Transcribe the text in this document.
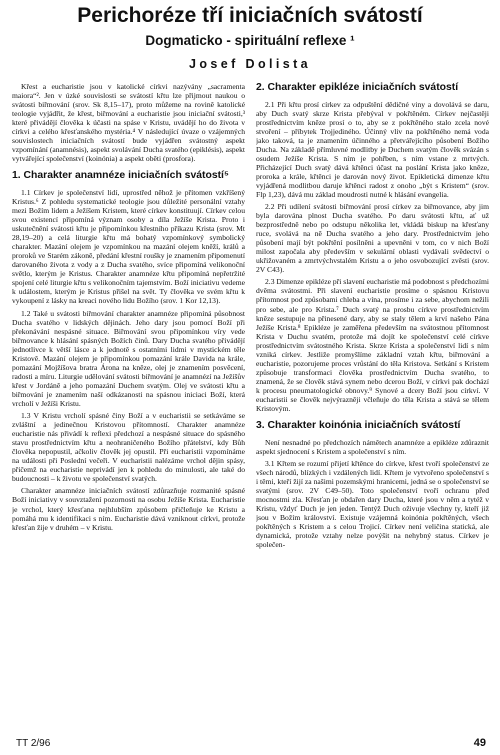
Perichoréze tří iniciačních svátostí
Dogmaticko - spirituální reflexe ¹
Josef Dolista
Křest a eucharistie jsou v katolické církvi nazývány „sacramenta maiora“². Jen v úzké souvislosti se svátostí křtu lze přijmout naukou o svátosti biřmování (srov. Sk 8,15–17), proto můžeme na rovině katolické teologie vyjádřit, že křest, biřmování a eucharistie jsou iniciační svátosti,³ které přivádějí člověka k účasti na spáse v Kristu, uvádějí ho do života v církvi a celého křesťanského mystéria.⁴ V následující úvaze o vzájemných souvislostech iniciačních svátostí bude vyjádřen svátostný aspekt vzpomínání (anamnésis), aspekt svolávání Ducha svatého (epiklésis), aspekt vytvářející společenství (koinónia) a aspekt oběti (prosfora).
1. Charakter anamnéze iniciačních svátostí⁵
1.1 Církev je společenství lidí, uprostřed něhož je přítomen vzkříšený Kristus.⁶ Z pohledu systematické teologie jsou důležité personální vztahy mezi Božím lidem a Ježíšem Kristem, které církev konstituují. Církev celou svou existencí připomíná význam osoby a díla Ježíše Krista. Proto i uskutečnění svátosti křtu je připomínkou křestního příkazu Krista (srov. Mt 28,19–20) a celá liturgie křtu má bohatý vzpomínkový symbolický charakter. Mazání olejem je vzpomínkou na mazání olejem kněží, králů a proroků ve Starém zákoně, předání křestní roušky je znamením připomenutí darovaného života z vody a z Ducha svatého, svíce připomíná velikonoční světlo, kterým je Kristus. Charakter anamnéze křtu připomíná nepřetržité spojení celé liturgie křtu s velikonočním tajemstvím. Boží iniciativu vedeme k událostem, kterým je Kristus přišel na svět. Ty člověka ve svém křtu k vykoupení z lásky na kreaci nového lidu Božího (srov. 1 Kor 12,13).
1.2 Také u svátosti biřmování charakter anamnéze připomíná působnost Ducha svatého v lidských dějinách. Jeho dary jsou pomocí Boží při překonávání nespásné situace. Biřmování svou připomínkou víry vede biřmovance k hlásání spásných Božích činů. Dary Ducha svatého přivádějí jednotlivce k větší lásce a k jednotě s ostatními lidmi v mystickém těle Kristově. Mazání olejem je připomínkou pomazání krále Davida na krále, pomazání Mojžíšova bratra Árona na kněze, olej je znamením posvěcení, radosti a míru. Liturgie udělování svátosti biřmování je anamnézí na Ježíšův křest v Jordáně a jeho pomazání Duchem svatým. Olej ve svátosti křtu a biřmování je znamením naší odkázanosti na spásnou iniciaci Boží, která vrcholí v Ježíši Kristu.
1.3 V Kristu vrcholí spásné činy Boží a v eucharistii se setkáváme se zvláštní a jedinečnou Kristovou přítomností. Charakter anamnéze eucharistie nás přivádí k reflexi předchozí a nespásné situace do spásného stavu prostřednictvím křtu a neohraničeného Božího přátelství, kdy Bůh člověka nepopustil, ačkoliv člověk jej opustil. Při eucharistii vzpomínáme na události při Poslední večeři. V eucharistii nalézáme vrchol dějin spásy, přičemž na eucharistie neprivádí jen k pohledu do minulosti, ale také do budoucnosti – k životu ve společenství svatých.
Charakter anamnéze iniciačních svátostí zdůrazňuje rozmanité spásné Boží iniciativy v souvztažení pozornosti na osobu Ježíše Krista. Eucharistie je vrchol, který křesťana nejhlubším způsobem přičleňuje ke Kristu a pomáhá mu k identifikaci s ním. Eucharistie dává vzniknout církvi, protože křesťan žije v druhém – v Kristu.
2. Charakter epikléze iniciačních svátostí
2.1 Při křtu prosí církev za odpuštění dědičné viny a dovolává se daru, aby Duch svatý skrze Krista přebýval v pokřtěném. Církev nejčastěji prostřednictvím kněze prosí o to, aby se z pokřtěného stalo zcela nové stvoření – příbytek Trojjediného. Účinný vliv na pokřtěného nemá voda jako taková, ta je znamením účinného a přetvářejícího působení Božího Ducha. Na základě přímluvné modlitby je Duchem svatým člověk svázán s osudem Ježíše Krista. S ním je pohřben, s ním vstane z mrtvých. Přicházející Duch svatý dává křtěnci účast na poslání Krista jako kněze, proroka a krále, křtěnci je darován nový život. Epikletická dimenze křtu vyjádřená modlitbou daruje křtěnci radost z onoho „být s Kristem“ (srov. Flp 1,23), dává mu základ moudrosti nutné k hlásání evangelia.
2.2 Při udílení svátosti biřmování prosí církev za biřmovance, aby jim byla darována plnost Ducha svatého. Po daru svátosti křtu, ať už bezprostředně nebo po odstupu několika let, vkládá biskup na křesťany ruce, svolává na ně Ducha svatého a jeho dary. Prostřednictvím jeho působení mají být pokřtění posílněni a upevněni v tom, co v nich Boží milost započala aby především v sekulární oblasti vydávali svědectví o ukřižovaném a zmrtvýchvstalém Kristu a o jeho osvobozující zvěsti (srov. 2V C43).
2.3 Dimenze epikléze při slavení eucharistie má podobnost s předchozími dvěma svátostmi. Při slavení eucharistie prosíme o spásnou Kristovu přítomnost pod způsobami chleba a vína, prosíme i za sebe, abychom nežili pro sebe, ale pro Krista.⁷ Duch svatý na prosbu církve prostřednictvím kněze sestupuje na přinesené dary, aby se staly tělem a krví našeho Pána Ježíše Krista.⁸ Epikléze je zaměřena především na svátostnou přítomnost Krista v Duchu svatém, protože má dojít ke společenství celé církve prostřednictvím svátostného Krista. Skrze Krista a společenství lidí s ním vzniká církev. Jestliže promyšlíme základní vztah křtu, biřmování a eucharistie, pozorujeme proces vrůstání do těla Kristova. Setkání s Kristem způsobuje transformaci člověka prostřednictvím Ducha svatého, to znamená, že se člověk stává synem nebo dcerou Boží, v církvi pak dochází k procesu pneumatologické obnovy.⁹ Synové a dcery Boží jsou církví. V eucharistii se člověk nejvýrazněji včleňuje do těla Krista a stává se tělem Kristovým.
3. Charakter koinónia iniciačních svátostí
Není nesnadné po předchozích námětech anamnéze a epikléze zdůraznit aspekt sjednocení s Kristem a společenství s ním.
3.1 Křtem se rozumí přijetí křtěnce do církve, křest tvoří společenství ze všech národů, blízkých i vzdálených lidí. Křtem je vytvořeno společenství s i těmi, kteří žijí za našimi pozemskými hranicemi, jedná se o společenství se svatými (srov. 2V C49–50). Toto společenství tvoří ochranu před mocnostmi zla. Křesťan je obdařen dary Ducha, které jsou v něm a tytéž v Kristu, vždyť Duch je jen jeden. Tentýž Duch oživuje všechny ty, kteří již jsou v Božím království. Existuje vzájemná koinónia pokřtěných, všech pokřtěných s Kristem a s celou Trojicí. Církev není veličina statická, ale dynamická, protože vztahy nelze povýšit na nehybný status. Církev je společen-
TT 2/96	49
